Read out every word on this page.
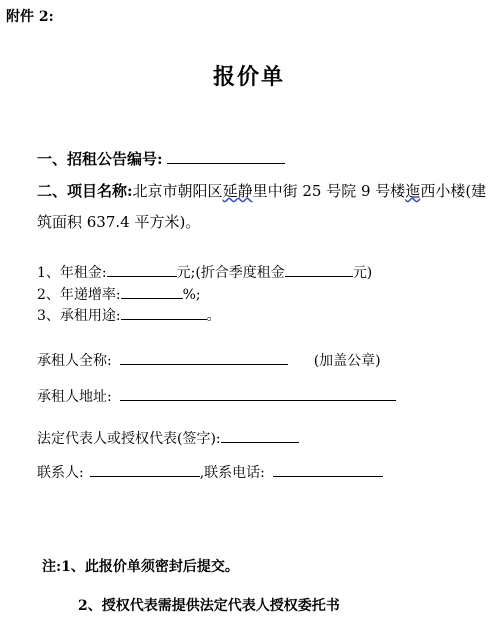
附件 2:
报价单
一、招租公告编号:
二、项目名称:北京市朝阳区延静里中街 25 号院 9 号楼迤西小楼(建
筑面积 637.4 平方米)。
1、年租金:	元;(折合季度租金	元)
2、年递增率:	%;
3、承租用途:	。
承租人全称:	(加盖公章)
承租人地址:
法定代表人或授权代表(签字):
联系人:	,联系电话:
注:1、此报价单须密封后提交。
2、授权代表需提供法定代表人授权委托书
